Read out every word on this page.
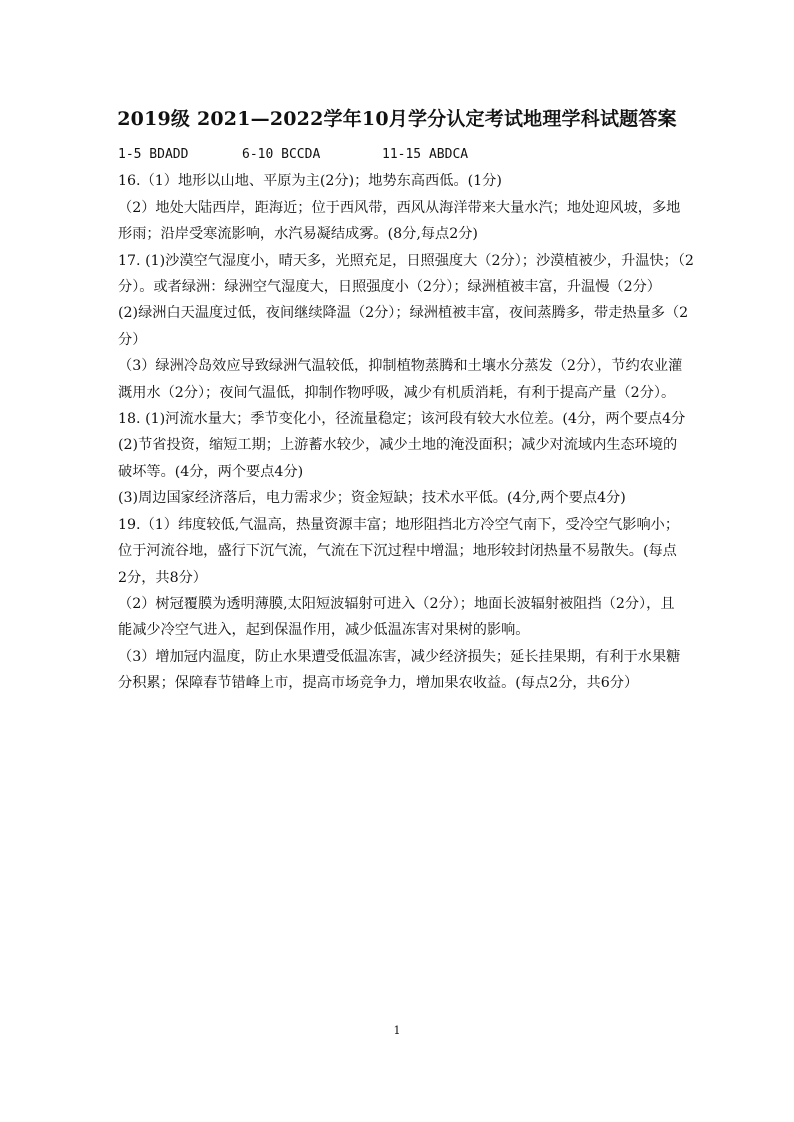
2019级 2021—2022学年10月学分认定考试地理学科试题答案
1-5 BDADD	6-10 BCCDA	11-15 ABDCA
16.（1）地形以山地、平原为主(2分)；地势东高西低。(1分)
（2）地处大陆西岸，距海近；位于西风带，西风从海洋带来大量水汽；地处迎风坡，多地
形雨；沿岸受寒流影响，水汽易凝结成雾。(8分,每点2分)
17. (1)沙漠空气湿度小，晴天多，光照充足，日照强度大（2分）；沙漠植被少，升温快；（2
分）。或者绿洲：绿洲空气湿度大，日照强度小（2分）；绿洲植被丰富，升温慢（2分）
(2)绿洲白天温度过低，夜间继续降温（2分）；绿洲植被丰富，夜间蒸腾多，带走热量多（2
分）
（3）绿洲冷岛效应导致绿洲气温较低，抑制植物蒸腾和土壤水分蒸发（2分），节约农业灌
溉用水（2分）；夜间气温低，抑制作物呼吸，减少有机质消耗，有利于提高产量（2分）。
18. (1)河流水量大；季节变化小，径流量稳定；该河段有较大水位差。(4分，两个要点4分
(2)节省投资，缩短工期；上游蓄水较少，减少土地的淹没面积；减少对流域内生态环境的
破坏等。(4分，两个要点4分)
(3)周边国家经济落后，电力需求少；资金短缺；技术水平低。(4分,两个要点4分)
19.（1）纬度较低,气温高，热量资源丰富；地形阻挡北方冷空气南下，受冷空气影响小；
位于河流谷地，盛行下沉气流，气流在下沉过程中增温；地形较封闭热量不易散失。(每点
2分，共8分）
（2）树冠覆膜为透明薄膜,太阳短波辐射可进入（2分）；地面长波辐射被阻挡（2分），且
能减少冷空气进入，起到保温作用，减少低温冻害对果树的影响。
（3）增加冠内温度，防止水果遭受低温冻害，减少经济损失；延长挂果期，有利于水果糖
分积累；保障春节错峰上市，提高市场竞争力，增加果农收益。(每点2分，共6分）
1
